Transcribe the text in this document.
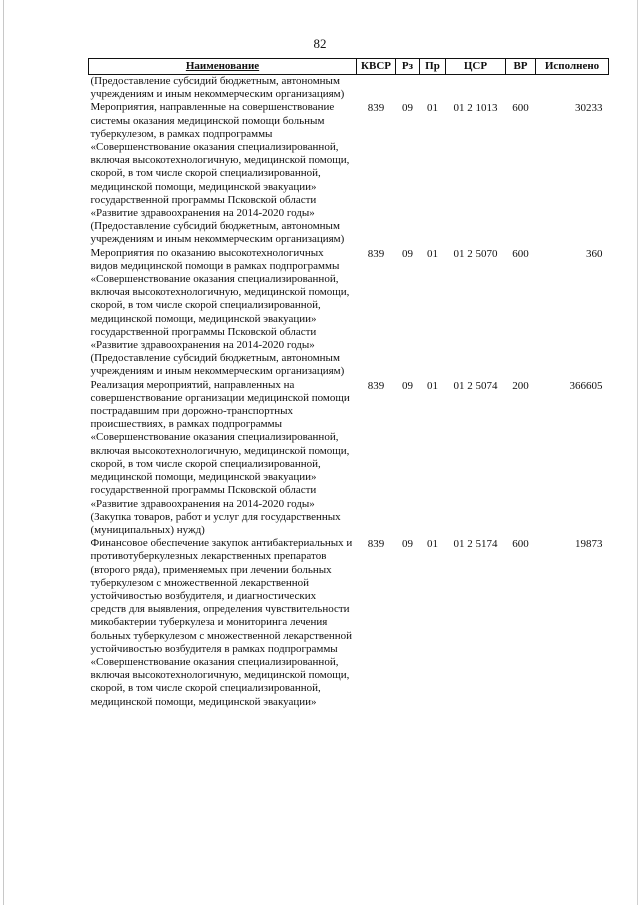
82
Наименование	КВСР	Рз	Пр	ЦСР	ВР	Исполнено
(Предоставление субсидий бюджетным, автономным учреждениям и иным некоммерческим организациям)						
Мероприятия, направленные на совершенствование системы оказания медицинской помощи больным туберкулезом, в рамках подпрограммы «Совершенствование оказания специализированной, включая высокотехнологичную, медицинской помощи, скорой, в том числе скорой специализированной, медицинской помощи, медицинской эвакуации» государственной программы Псковской области «Развитие здравоохранения на 2014-2020 годы» (Предоставление субсидий бюджетным, автономным учреждениям и иным некоммерческим организациям)	839	09	01	01 2 1013	600	30233
Мероприятия по оказанию высокотехнологичных видов медицинской помощи в рамках подпрограммы «Совершенствование оказания специализированной, включая высокотехнологичную, медицинской помощи, скорой, в том числе скорой специализированной, медицинской помощи, медицинской эвакуации» государственной программы Псковской области «Развитие здравоохранения на 2014-2020 годы» (Предоставление субсидий бюджетным, автономным учреждениям и иным некоммерческим организациям)	839	09	01	01 2 5070	600	360
Реализация мероприятий, направленных на совершенствование организации медицинской помощи пострадавшим при дорожно-транспортных происшествиях, в рамках подпрограммы «Совершенствование оказания специализированной, включая высокотехнологичную, медицинской помощи, скорой, в том числе скорой специализированной, медицинской помощи, медицинской эвакуации» государственной программы Псковской области «Развитие здравоохранения на 2014-2020 годы» (Закупка товаров, работ и услуг для государственных (муниципальных) нужд)	839	09	01	01 2 5074	200	366605
Финансовое обеспечение закупок антибактериальных и противотуберкулезных лекарственных препаратов (второго ряда), применяемых при лечении больных туберкулезом с множественной лекарственной устойчивостью возбудителя, и диагностических средств для выявления, определения чувствительности микобактерии туберкулеза и мониторинга лечения больных туберкулезом с множественной лекарственной устойчивостью возбудителя в рамках подпрограммы «Совершенствование оказания специализированной, включая высокотехнологичную, медицинской помощи, скорой, в том числе скорой специализированной, медицинской помощи, медицинской эвакуации»	839	09	01	01 2 5174	600	19873
